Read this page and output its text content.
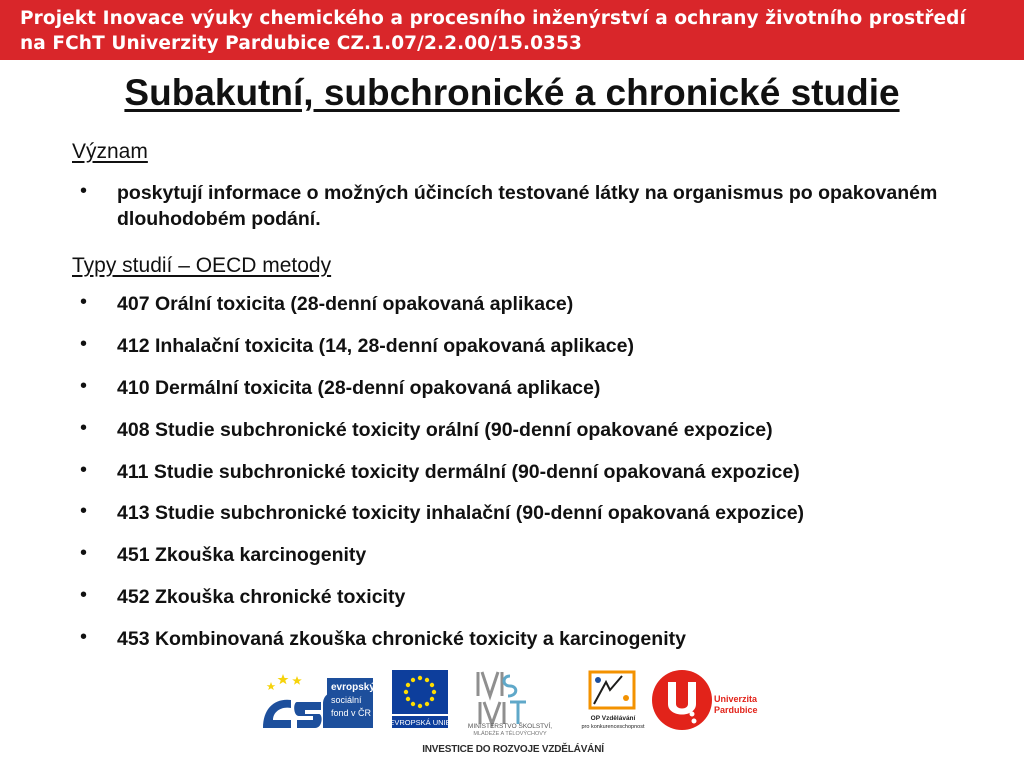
Projekt Inovace výuky chemického a procesního inženýrství a ochrany životního prostředí
na FChT Univerzity Pardubice CZ.1.07/2.2.00/15.0353
Subakutní, subchronické a chronické studie
Význam
• poskytují informace o možných účincích testované látky na organismus po opakovaném dlouhodobém podání.
Typy studií – OECD metody
• 407 Orální toxicita (28-denní opakovaná aplikace)
• 412 Inhalační toxicita (14, 28-denní opakovaná aplikace)
• 410 Dermální toxicita (28-denní opakovaná aplikace)
• 408 Studie subchronické toxicity orální (90-denní opakované expozice)
• 411 Studie subchronické toxicity dermální (90-denní opakovaná expozice)
• 413 Studie subchronické toxicity inhalační (90-denní opakovaná expozice)
• 451 Zkouška karcinogenity
• 452 Zkouška chronické toxicity
• 453 Kombinovaná zkouška chronické toxicity a karcinogenity
evropský
sociální
fond v ČR
EVROPSKÁ UNIE	MINISTERSTVO ŠKOLSTVÍ,
MLÁDEŽE A TĚLOVÝCHOVY
OP Vzdělávání
pro konkurenceschopnost
Univerzita
Pardubice
INVESTICE DO ROZVOJE VZDĚLÁVÁNÍ
